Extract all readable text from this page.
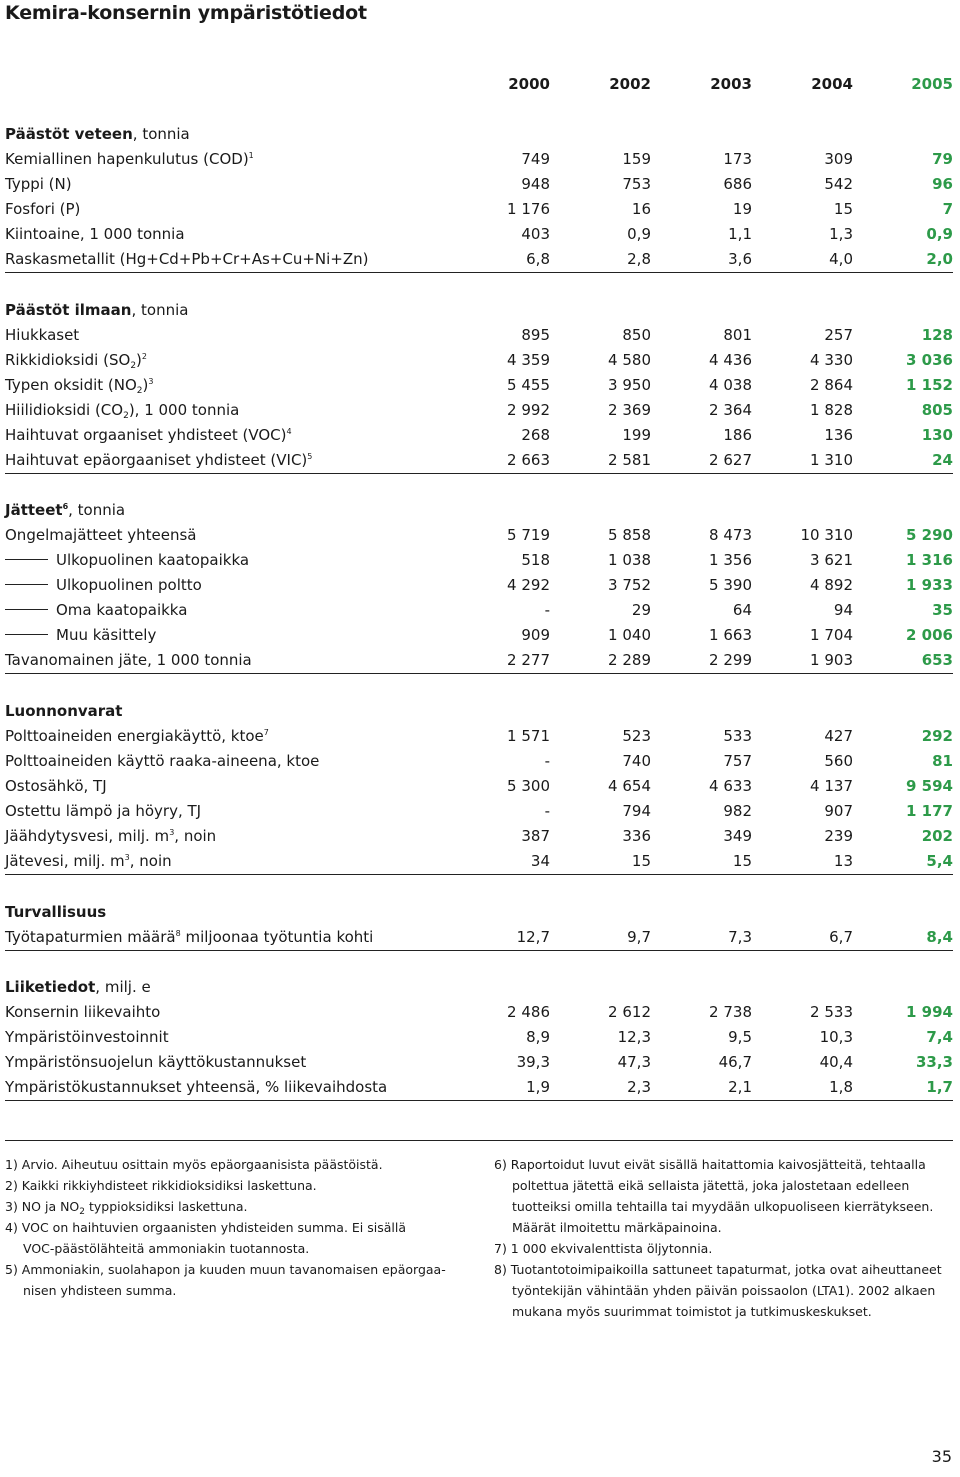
Kemira-konsernin ympäristötiedot
2000	2002	2003	2004	2005
Päästöt veteen, tonnia
Kemiallinen hapenkulutus (COD)$^1$	749	159	173	309	79
Typpi (N)	948	753	686	542	96
Fosfori (P)	1 176	16	19	15	7
Kiintoaine, 1 000 tonnia	403	0,9	1,1	1,3	0,9
Raskasmetallit (Hg+Cd+Pb+Cr+As+Cu+Ni+Zn)	6,8	2,8	3,6	4,0	2,0
Päästöt ilmaan, tonnia
Hiukkaset	895	850	801	257	128
Rikkidioksidi $(SO_2)^2$	4 359	4 580	4 436	4 330	3 036
Typen oksidit $(NO_2)^3$	5 455	3 950	4 038	2 864	1 152
Hiilidioksidi $(CO_2)$, 1 000 tonnia	2 992	2 369	2 364	1 828	805
Haihtuvat orgaaniset yhdisteet (VOC)$^4$	268	199	186	136	130
Haihtuvat epäorgaaniset yhdisteet (VIC)$^5$	2 663	2 581	2 627	1 310	24
Jätteet$^6$, tonnia
Ongelmajätteet yhteensä	5 719	5 858	8 473	10 310	5 290
Ulkopuolinen kaatopaikka	518	1 038	1 356	3 621	1 316
Ulkopuolinen poltto	4 292	3 752	5 390	4 892	1 933
Oma kaatopaikka	-	29	64	94	35
Muu käsittely	909	1 040	1 663	1 704	2 006
Tavanomainen jäte, 1 000 tonnia	2 277	2 289	2 299	1 903	653
Luonnonvarat
Polttoaineiden energiakäyttö, ktoe$^7$	1 571	523	533	427	292
Polttoaineiden käyttö raaka-aineena, ktoe	-	740	757	560	81
Ostosähkö, TJ	5 300	4 654	4 633	4 137	9 594
Ostettu lämpö ja höyry, TJ	-	794	982	907	1 177
Jäähdytysvesi, milj. $m^3$, noin	387	336	349	239	202
Jätevesi, milj. $m^3$, noin	34	15	15	13	5,4
Turvallisuus
Työtapaturmien määrä$^8$ miljoonaa työtuntia kohti	12,7	9,7	7,3	6,7	8,4
Liiketiedot, milj. e
Konsernin liikevaihto	2 486	2 612	2 738	2 533	1 994
Ympäristöinvestoinnit	8,9	12,3	9,5	10,3	7,4
Ympäristönsuojelun käyttökustannukset	39,3	47,3	46,7	40,4	33,3
Ympäristökustannukset yhteensä, % liikevaihdosta	1,9	2,3	2,1	1,8	1,7

1) Arvio. Aiheutuu osittain myös epäorgaanisista päästöistä.

2) Kaikki rikkiyhdisteet rikkidioksidiksi laskettuna.

3) NO ja $NO_2$ typpioksidiksi laskettuna.

4) VOC on haihtuvien orgaanisten yhdisteiden summa. Ei sisällä

VOC-päästölähteitä ammoniakin tuotannosta.

5) Ammoniakin, suolahapon ja kuuden muun tavanomaisen epäorgaa-

nisen yhdisteen summa.

6) Raportoidut luvut eivät sisällä haitattomia kaivosjätteitä, tehtaalla

poltettua jätettä eikä sellaista jätettä, joka jalostetaan edelleen

tuotteiksi omilla tehtailla tai myydään ulkopuoliseen kierrätykseen.

Määrät ilmoitettu märkäpainoina.

7) 1 000 ekvivalenttista öljytonnia.

8) Tuotantotoimipaikoilla sattuneet tapaturmat, jotka ovat aiheuttaneet

työntekijän vähintään yhden päivän poissaolon (LTA1). 2002 alkaen

mukana myös suurimmat toimistot ja tutkimuskeskukset.

35
